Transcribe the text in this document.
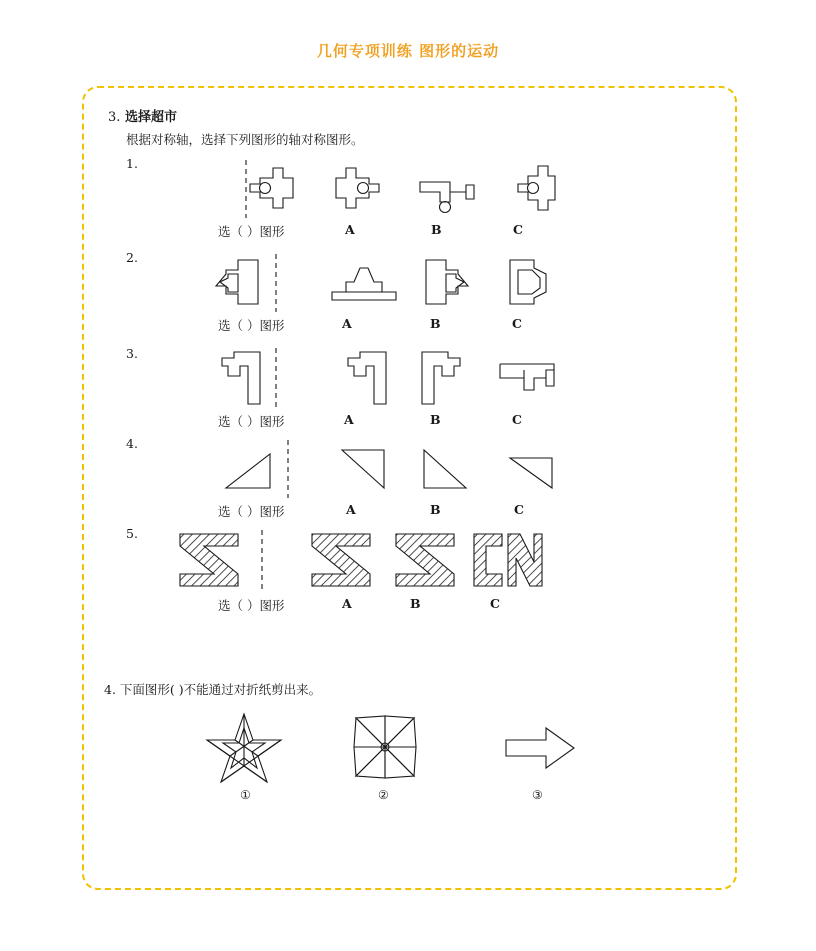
几何专项训练 图形的运动
3. 选择超市
根据对称轴，选择下列图形的轴对称图形。
1.
选（ ）图形	A	B	C
2.
选（ ）图形	A	B	C
3.
选（ ）图形	A	B	C
4.
选（ ）图形	A	B	C
5.
选（ ）图形	A	B	C
4. 下面图形( )不能通过对折纸剪出来。
①	②	③
